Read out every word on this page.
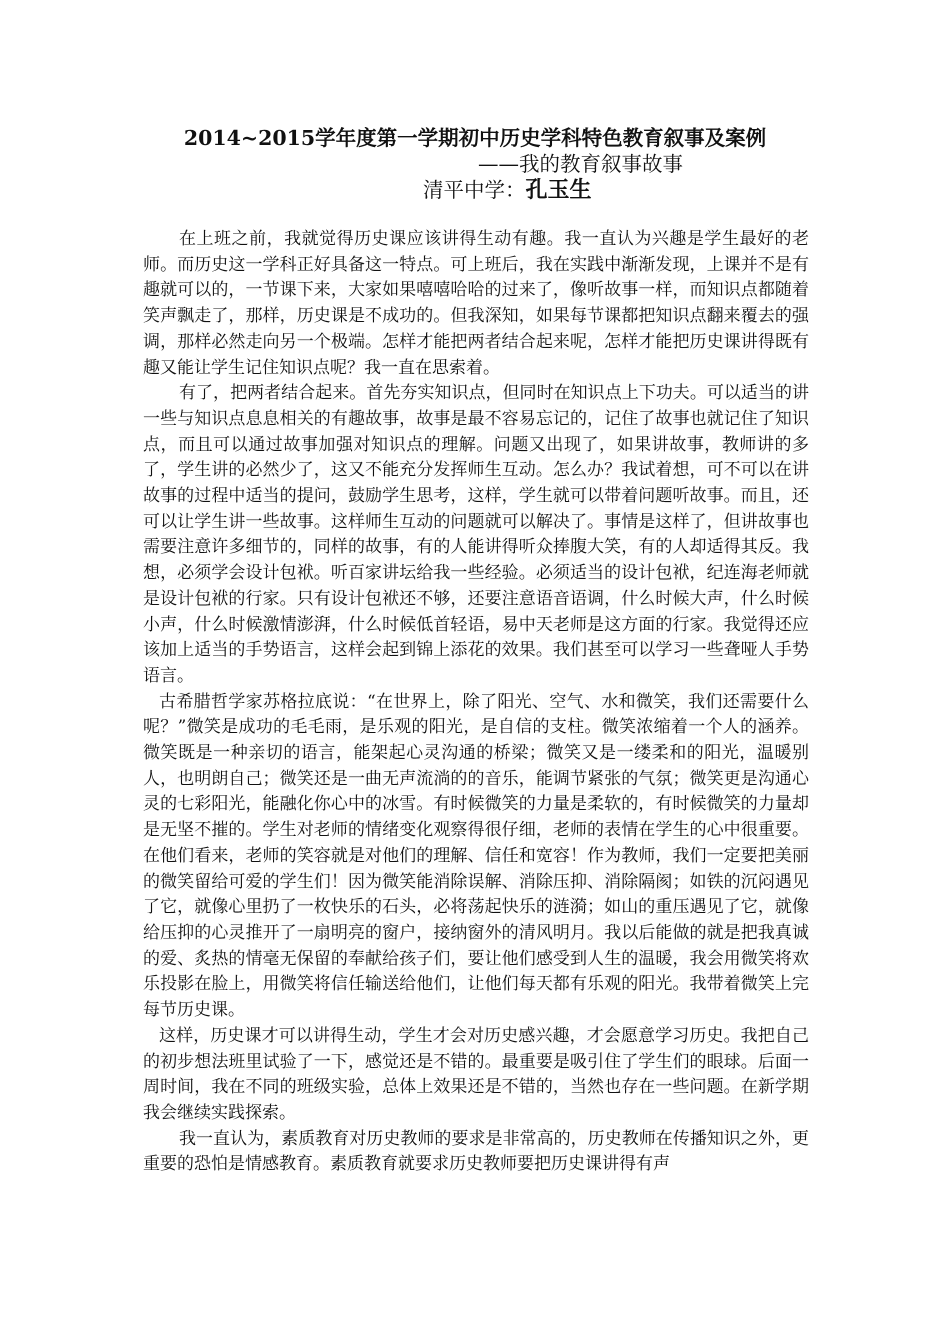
2014~2015学年度第一学期初中历史学科特色教育叙事及案例
——我的教育叙事故事
清平中学：孔玉生

在上班之前，我就觉得历史课应该讲得生动有趣。我一直认为兴趣是学生最好的老师。而历史这一学科正好具备这一特点。可上班后，我在实践中渐渐发现，上课并不是有趣就可以的，一节课下来，大家如果嘻嘻哈哈的过来了，像听故事一样，而知识点都随着笑声飘走了，那样，历史课是不成功的。但我深知，如果每节课都把知识点翻来覆去的强调，那样必然走向另一个极端。怎样才能把两者结合起来呢，怎样才能把历史课讲得既有趣又能让学生记住知识点呢？我一直在思索着。

有了，把两者结合起来。首先夯实知识点，但同时在知识点上下功夫。可以适当的讲一些与知识点息息相关的有趣故事，故事是最不容易忘记的，记住了故事也就记住了知识点，而且可以通过故事加强对知识点的理解。问题又出现了，如果讲故事，教师讲的多了，学生讲的必然少了，这又不能充分发挥师生互动。怎么办？我试着想，可不可以在讲故事的过程中适当的提问，鼓励学生思考，这样，学生就可以带着问题听故事。而且，还可以让学生讲一些故事。这样师生互动的问题就可以解决了。事情是这样了，但讲故事也需要注意许多细节的，同样的故事，有的人能讲得听众捧腹大笑，有的人却适得其反。我想，必须学会设计包袱。听百家讲坛给我一些经验。必须适当的设计包袱，纪连海老师就是设计包袱的行家。只有设计包袱还不够，还要注意语音语调，什么时候大声，什么时候小声，什么时候激情澎湃，什么时候低首轻语，易中天老师是这方面的行家。我觉得还应该加上适当的手势语言，这样会起到锦上添花的效果。我们甚至可以学习一些聋哑人手势语言。

古希腊哲学家苏格拉底说：“在世界上，除了阳光、空气、水和微笑，我们还需要什么呢？”微笑是成功的毛毛雨，是乐观的阳光，是自信的支柱。微笑浓缩着一个人的涵养。微笑既是一种亲切的语言，能架起心灵沟通的桥梁；微笑又是一缕柔和的阳光，温暖别人，也明朗自己；微笑还是一曲无声流淌的的音乐，能调节紧张的气氛；微笑更是沟通心灵的七彩阳光，能融化你心中的冰雪。有时候微笑的力量是柔软的，有时候微笑的力量却是无坚不摧的。学生对老师的情绪变化观察得很仔细，老师的表情在学生的心中很重要。在他们看来，老师的笑容就是对他们的理解、信任和宽容！作为教师，我们一定要把美丽的微笑留给可爱的学生们！因为微笑能消除误解、消除压抑、消除隔阂；如铁的沉闷遇见了它，就像心里扔了一枚快乐的石头，必将荡起快乐的涟漪；如山的重压遇见了它，就像给压抑的心灵推开了一扇明亮的窗户，接纳窗外的清风明月。我以后能做的就是把我真诚的爱、炙热的情毫无保留的奉献给孩子们，要让他们感受到人生的温暖，我会用微笑将欢乐投影在脸上，用微笑将信任输送给他们，让他们每天都有乐观的阳光。我带着微笑上完每节历史课。

这样，历史课才可以讲得生动，学生才会对历史感兴趣，才会愿意学习历史。我把自己的初步想法班里试验了一下，感觉还是不错的。最重要是吸引住了学生们的眼球。后面一周时间，我在不同的班级实验，总体上效果还是不错的，当然也存在一些问题。在新学期我会继续实践探索。

我一直认为，素质教育对历史教师的要求是非常高的，历史教师在传播知识之外，更重要的恐怕是情感教育。素质教育就要求历史教师要把历史课讲得有声
